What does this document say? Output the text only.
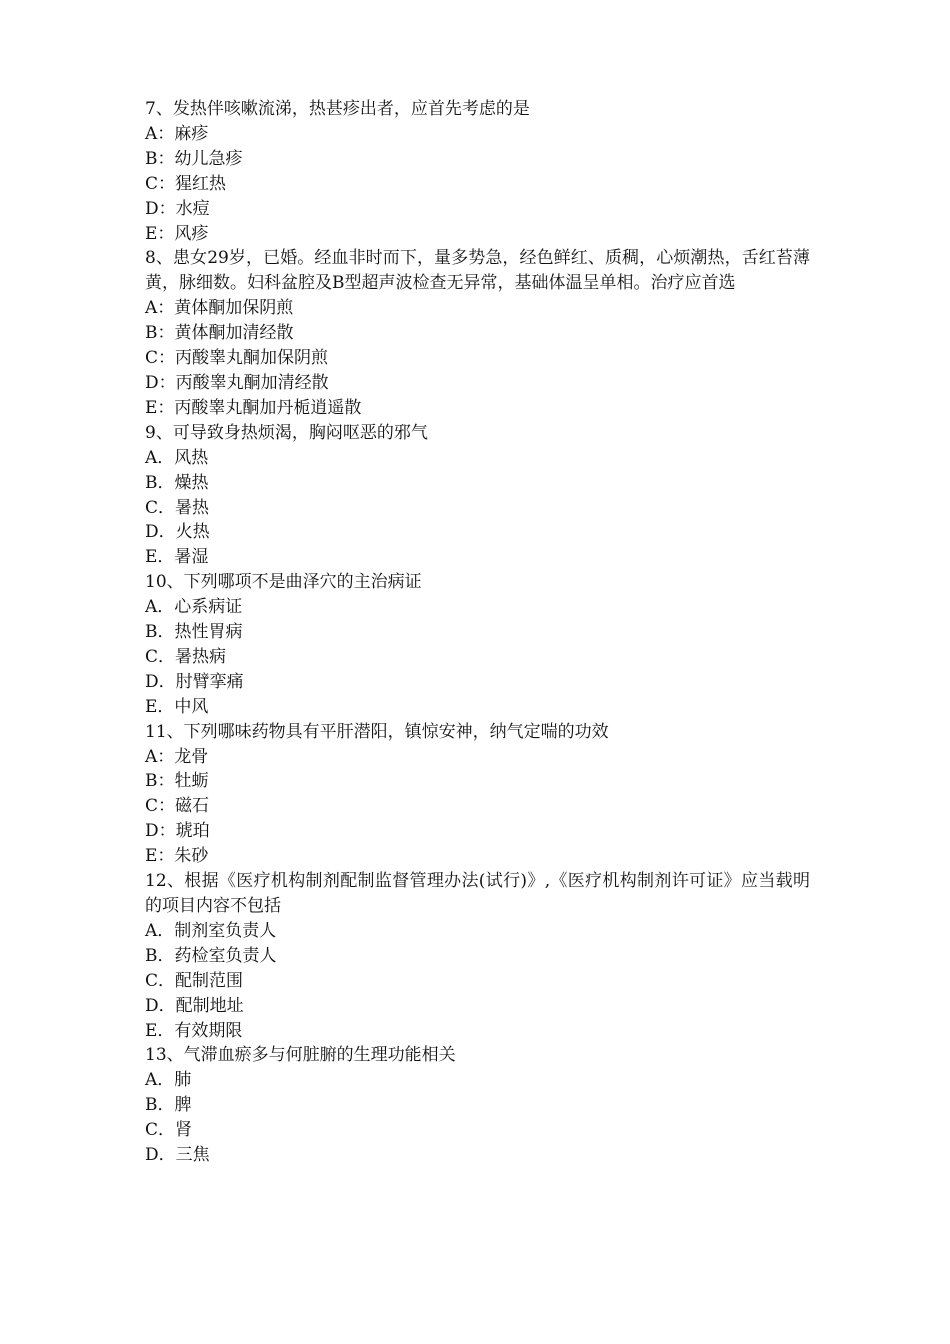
7、发热伴咳嗽流涕，热甚疹出者，应首先考虑的是

A：麻疹

B：幼儿急疹

C：猩红热

D：水痘

E：风疹

8、患女29岁，已婚。经血非时而下，量多势急，经色鲜红、质稠，心烦潮热，舌红苔薄黄，脉细数。妇科盆腔及B型超声波检查无异常，基础体温呈单相。治疗应首选

A：黄体酮加保阴煎

B：黄体酮加清经散

C：丙酸睾丸酮加保阴煎

D：丙酸睾丸酮加清经散

E：丙酸睾丸酮加丹栀逍遥散

9、可导致身热烦渴，胸闷呕恶的邪气

A．风热

B．燥热

C．暑热

D．火热

E．暑湿

10、下列哪项不是曲泽穴的主治病证

A．心系病证

B．热性胃病

C．暑热病

D．肘臂挛痛

E．中风

11、下列哪味药物具有平肝潜阳，镇惊安神，纳气定喘的功效

A：龙骨

B：牡蛎

C：磁石

D：琥珀

E：朱砂

12、根据《医疗机构制剂配制监督管理办法(试行)》,《医疗机构制剂许可证》应当载明的项目内容不包括

A．制剂室负责人

B．药检室负责人

C．配制范围

D．配制地址

E．有效期限

13、气滞血瘀多与何脏腑的生理功能相关

A．肺

B．脾

C．肾

D．三焦
